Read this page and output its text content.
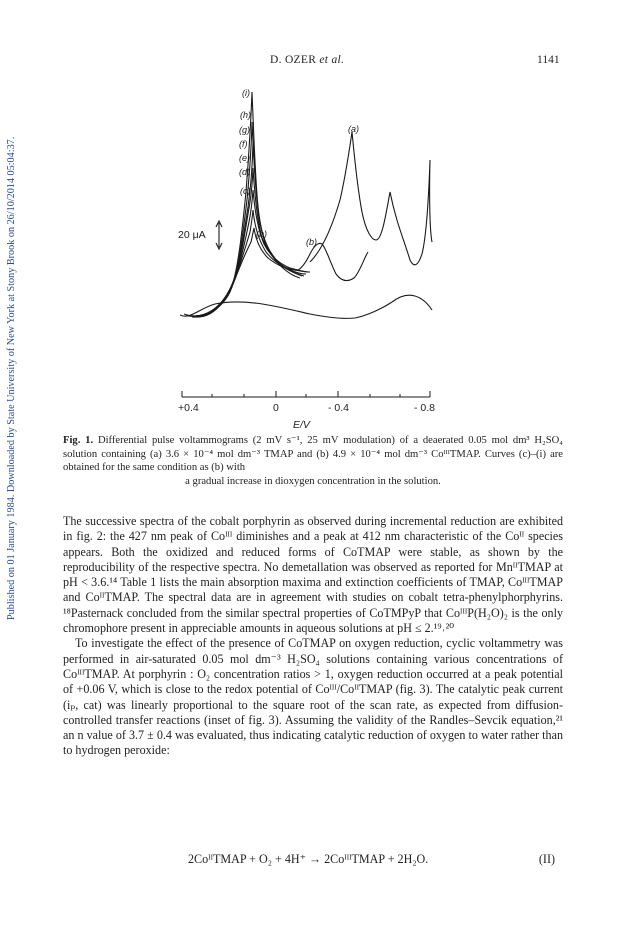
Published on 01 January 1984. Downloaded by State University of New York at Stony Brook on 26/10/2014 05:04:37.
D. OZER et al.	1141
(i)
(h)
(g)
(f)
(e)
(d)
(c)
(a)
(b)
(b)
20 μA
+0.4	0	- 0.4	- 0.8
E/V
Fig. 1. Differential pulse voltammograms (2 mV s⁻¹, 25 mV modulation) of a deaerated 0.05 mol dm³ H₂SO₄ solution containing (a) 3.6 × 10⁻⁴ mol dm⁻³ TMAP and (b) 4.9 × 10⁻⁴ mol dm⁻³ CoᴵᴵᴵTMAP. Curves (c)–(i) are obtained for the same condition as (b) with
a gradual increase in dioxygen concentration in the solution.

The successive spectra of the cobalt porphyrin as observed during incremental reduction are exhibited in fig. 2: the 427 nm peak of Coᴵᴵᴵ diminishes and a peak at 412 nm characteristic of the Coᴵᴵ species appears. Both the oxidized and reduced forms of CoTMAP were stable, as shown by the reproducibility of the respective spectra. No demetallation was observed as reported for MnᴵᴵTMAP at pH < 3.6.¹⁴ Table 1 lists the main absorption maxima and extinction coefficients of TMAP, CoᴵᴵᴵTMAP and CoᴵᴵTMAP. The spectral data are in agreement with studies on cobalt tetra-phenylphorphyrins. ¹⁸Pasternack concluded from the similar spectral properties of CoTMPyP that CoᴵᴵᴵP(H₂O)₂ is the only chromophore present in appreciable amounts in aqueous solutions at pH ≤ 2.¹⁹˒²⁰

To investigate the effect of the presence of CoTMAP on oxygen reduction, cyclic voltammetry was performed in air-saturated 0.05 mol dm⁻³ H₂SO₄ solutions containing various concentrations of CoᴵᴵᴵTMAP. At porphyrin : O₂ concentration ratios > 1, oxygen reduction occurred at a peak potential of +0.06 V, which is close to the redox potential of Coᴵᴵᴵ/CoᴵᴵTMAP (fig. 3). The catalytic peak current (iₚ, cat) was linearly proportional to the square root of the scan rate, as expected from diffusion-controlled transfer reactions (inset of fig. 3). Assuming the validity of the Randles–Sevcik equation,²¹ an n value of 3.7 ± 0.4 was evaluated, thus indicating catalytic reduction of oxygen to water rather than to hydrogen peroxide:

2CoᴵᴵTMAP + O₂ + 4H⁺ → 2CoᴵᴵᴵTMAP + 2H₂O.	(II)
